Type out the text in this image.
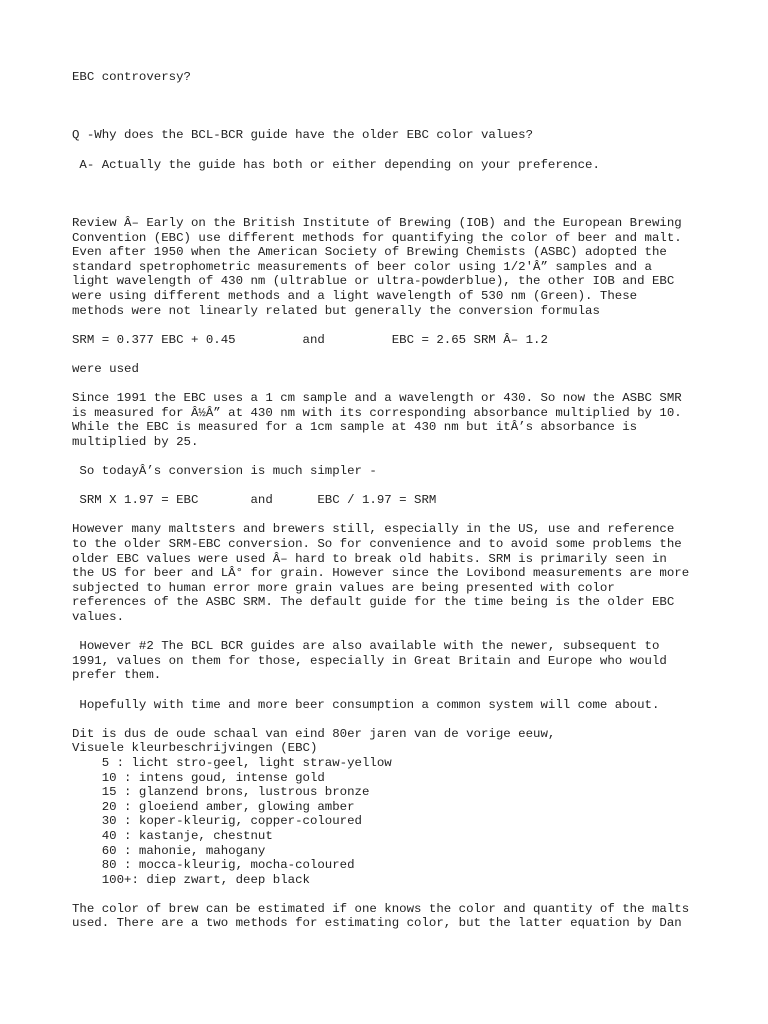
EBC controversy?
Q -Why does the BCL-BCR guide have the older EBC color values?
A- Actually the guide has both or either depending on your preference.
Review Â– Early on the British Institute of Brewing (IOB) and the European Brewing
Convention (EBC) use different methods for quantifying the color of beer and malt.
Even after 1950 when the American Society of Brewing Chemists (ASBC) adopted the
standard spetrophometric measurements of beer color using 1/2'Â” samples and a
light wavelength of 430 nm (ultrablue or ultra-powderblue), the other IOB and EBC
were using different methods and a light wavelength of 530 nm (Green). These
methods were not linearly related but generally the conversion formulas
SRM = 0.377 EBC + 0.45         and         EBC = 2.65 SRM Â– 1.2
were used
Since 1991 the EBC uses a 1 cm sample and a wavelength or 430. So now the ASBC SMR
is measured for Â½Â” at 430 nm with its corresponding absorbance multiplied by 10.
While the EBC is measured for a 1cm sample at 430 nm but itÂ’s absorbance is
multiplied by 25.
So todayÂ’s conversion is much simpler -
SRM X 1.97 = EBC       and      EBC / 1.97 = SRM
However many maltsters and brewers still, especially in the US, use and reference
to the older SRM-EBC conversion. So for convenience and to avoid some problems the
older EBC values were used Â– hard to break old habits. SRM is primarily seen in
the US for beer and LÂ° for grain. However since the Lovibond measurements are more
subjected to human error more grain values are being presented with color
references of the ASBC SRM. The default guide for the time being is the older EBC
values.
However #2 The BCL BCR guides are also available with the newer, subsequent to
1991, values on them for those, especially in Great Britain and Europe who would
prefer them.
Hopefully with time and more beer consumption a common system will come about.
Dit is dus de oude schaal van eind 80er jaren van de vorige eeuw,
Visuele kleurbeschrijvingen (EBC)
5 : licht stro-geel, light straw-yellow
10 : intens goud, intense gold
15 : glanzend brons, lustrous bronze
20 : gloeiend amber, glowing amber
30 : koper-kleurig, copper-coloured
40 : kastanje, chestnut
60 : mahonie, mahogany
80 : mocca-kleurig, mocha-coloured
100+: diep zwart, deep black
The color of brew can be estimated if one knows the color and quantity of the malts
used. There are a two methods for estimating color, but the latter equation by Dan
